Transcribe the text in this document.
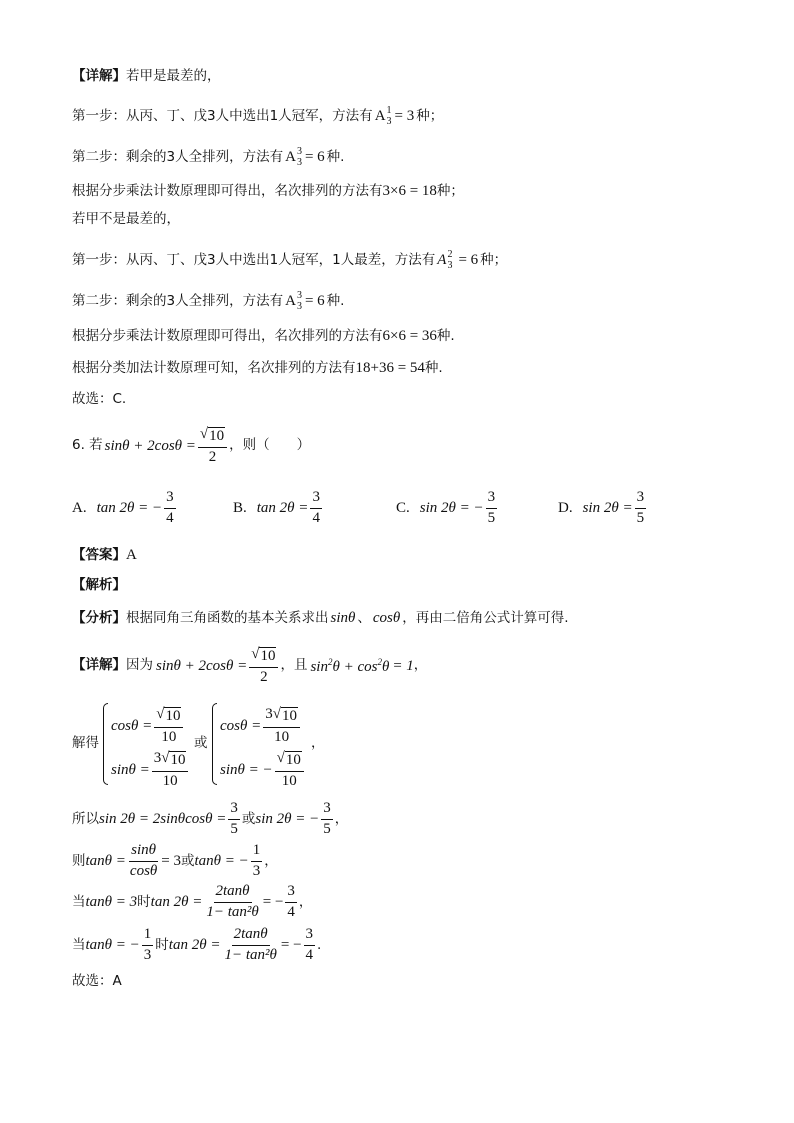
【详解】 若甲是最差的，
第一步：从丙、丁、戊3人中选出1人冠军，方法有 A 1
3 = 3 种；
第二步：剩余的3人全排列，方法有 A 3
3 = 6 种.
根据分步乘法计数原理即可得出，名次排列的方法有 3×6 = 18 种；
若甲不是最差的，
第一步：从丙、丁、戊3人中选出1人冠军，1人最差，方法有 A 2
3 = 6 种；
第二步：剩余的3人全排列，方法有 A 3
3 = 6 种.
根据分步乘法计数原理即可得出，名次排列的方法有 6×6 = 36 种.
根据分类加法计数原理可知，名次排列的方法有 18+36 = 54 种.
故选：C.
6. 若 $\sin\theta + 2\cos\theta = \frac{√ 10}{2}$ ，则（　　）
A. tan 2θ = − $\frac{3}{4}$	B. $\tan 2\theta = \frac{3}{4}$	C. sin 2θ = − $\frac{3}{5}$	D. $\sin 2\theta = \frac{3}{5}$
【答案】 A
【解析】
【分析】 根据同角三角函数的基本关系求出 sinθ 、 cosθ ，再由二倍角公式计算可得.
【详解】 因为 $\sin\theta + 2\cos\theta = \frac{√ 10}{2}$ ，且 $\sin^2\theta + \cos^2\theta = 1$ ，
解得
$\cos\theta = \frac{√ 10}{10}$
$\sin\theta = \frac{3 √ 10}{10}$
或
$\cos\theta = \frac{3 √ 10}{10}$
sinθ = − $\frac{√ 10}{10}$
，
所以 $\sin 2\theta = 2\sin\theta\cos\theta = \frac{3}{5}$ 或 sin 2θ = − $\frac{3}{5}$ ，
则 $\tan\theta = \frac{\sin\theta}{\cos\theta} = 3$ 或 tanθ = − $\frac{1}{3}$ ，
当 tanθ = 3 时 $\tan 2\theta = \frac{2\tan\theta}{\text{1− tan²θ}}$ = − $\frac{3}{4}$ ，
当 tanθ = − $\frac{1}{3}$ 时 $\tan 2\theta = \frac{2\tan\theta}{\text{1− tan²θ}}$ = − $\frac{3}{4}$ .
故选：A
